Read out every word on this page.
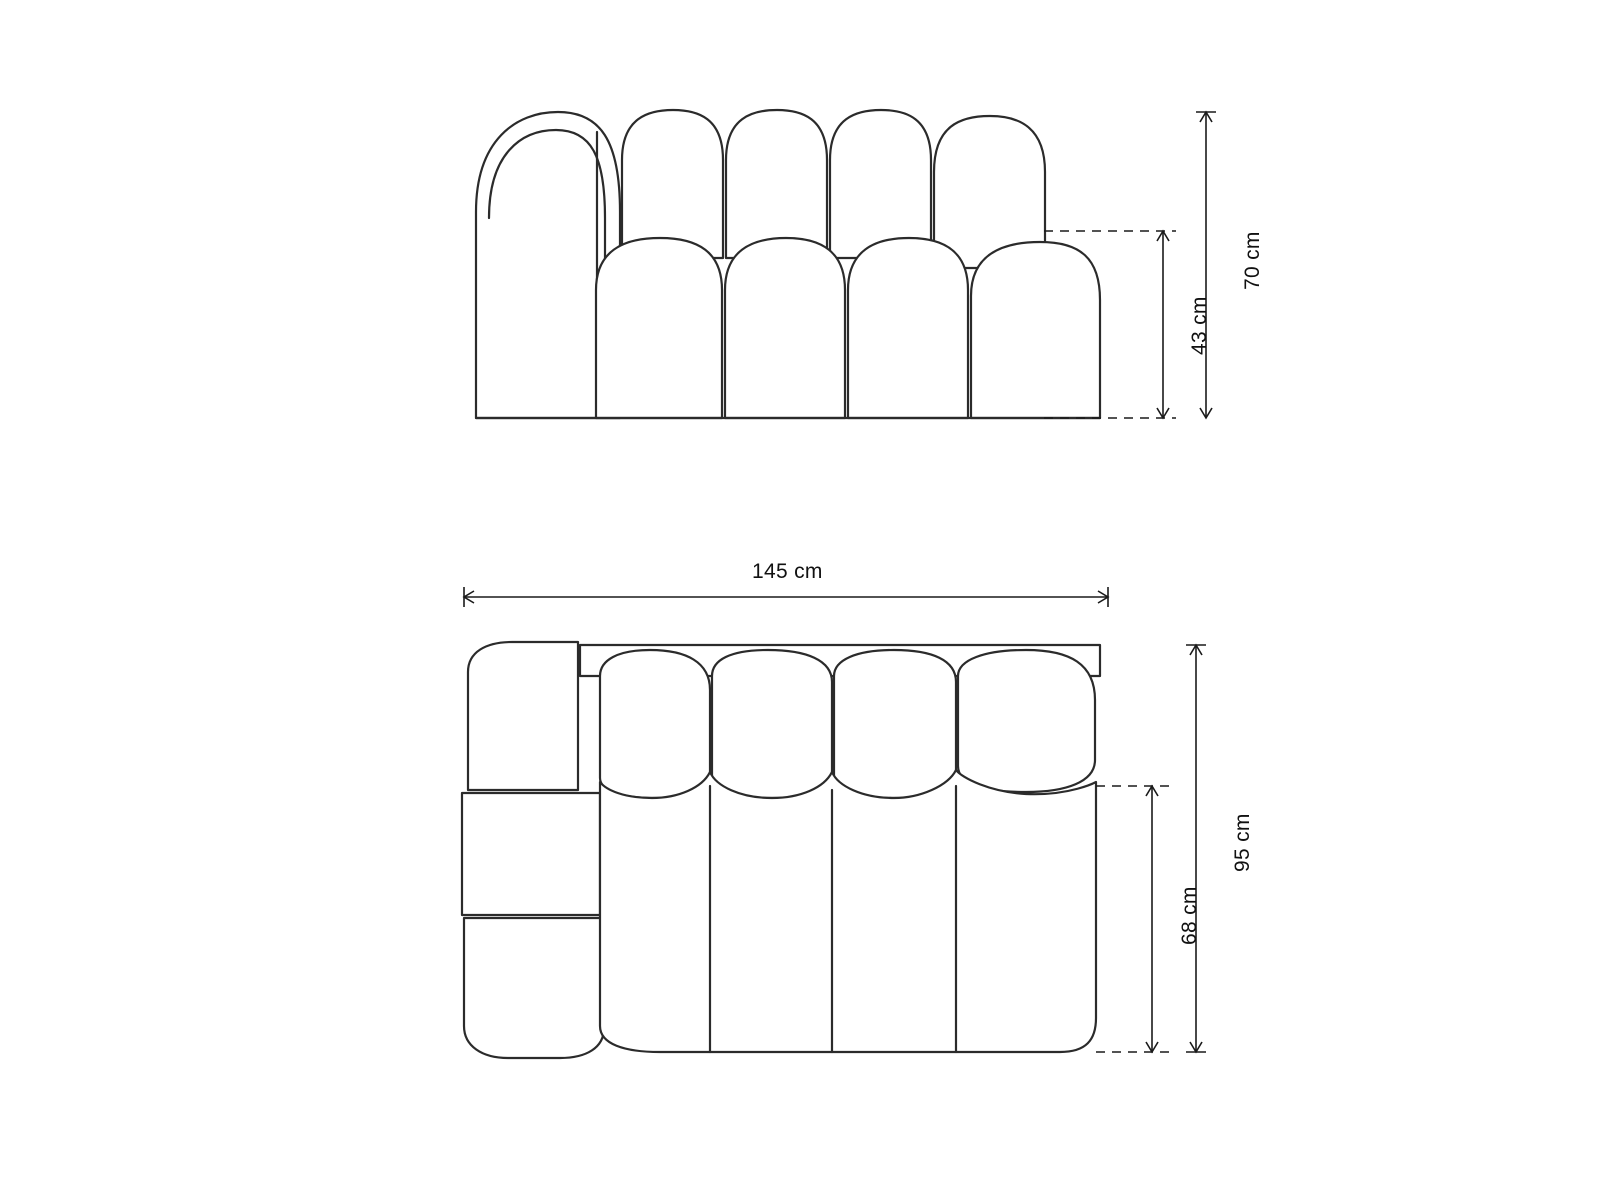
70 cm
43 cm
145 cm
95 cm
68 cm
